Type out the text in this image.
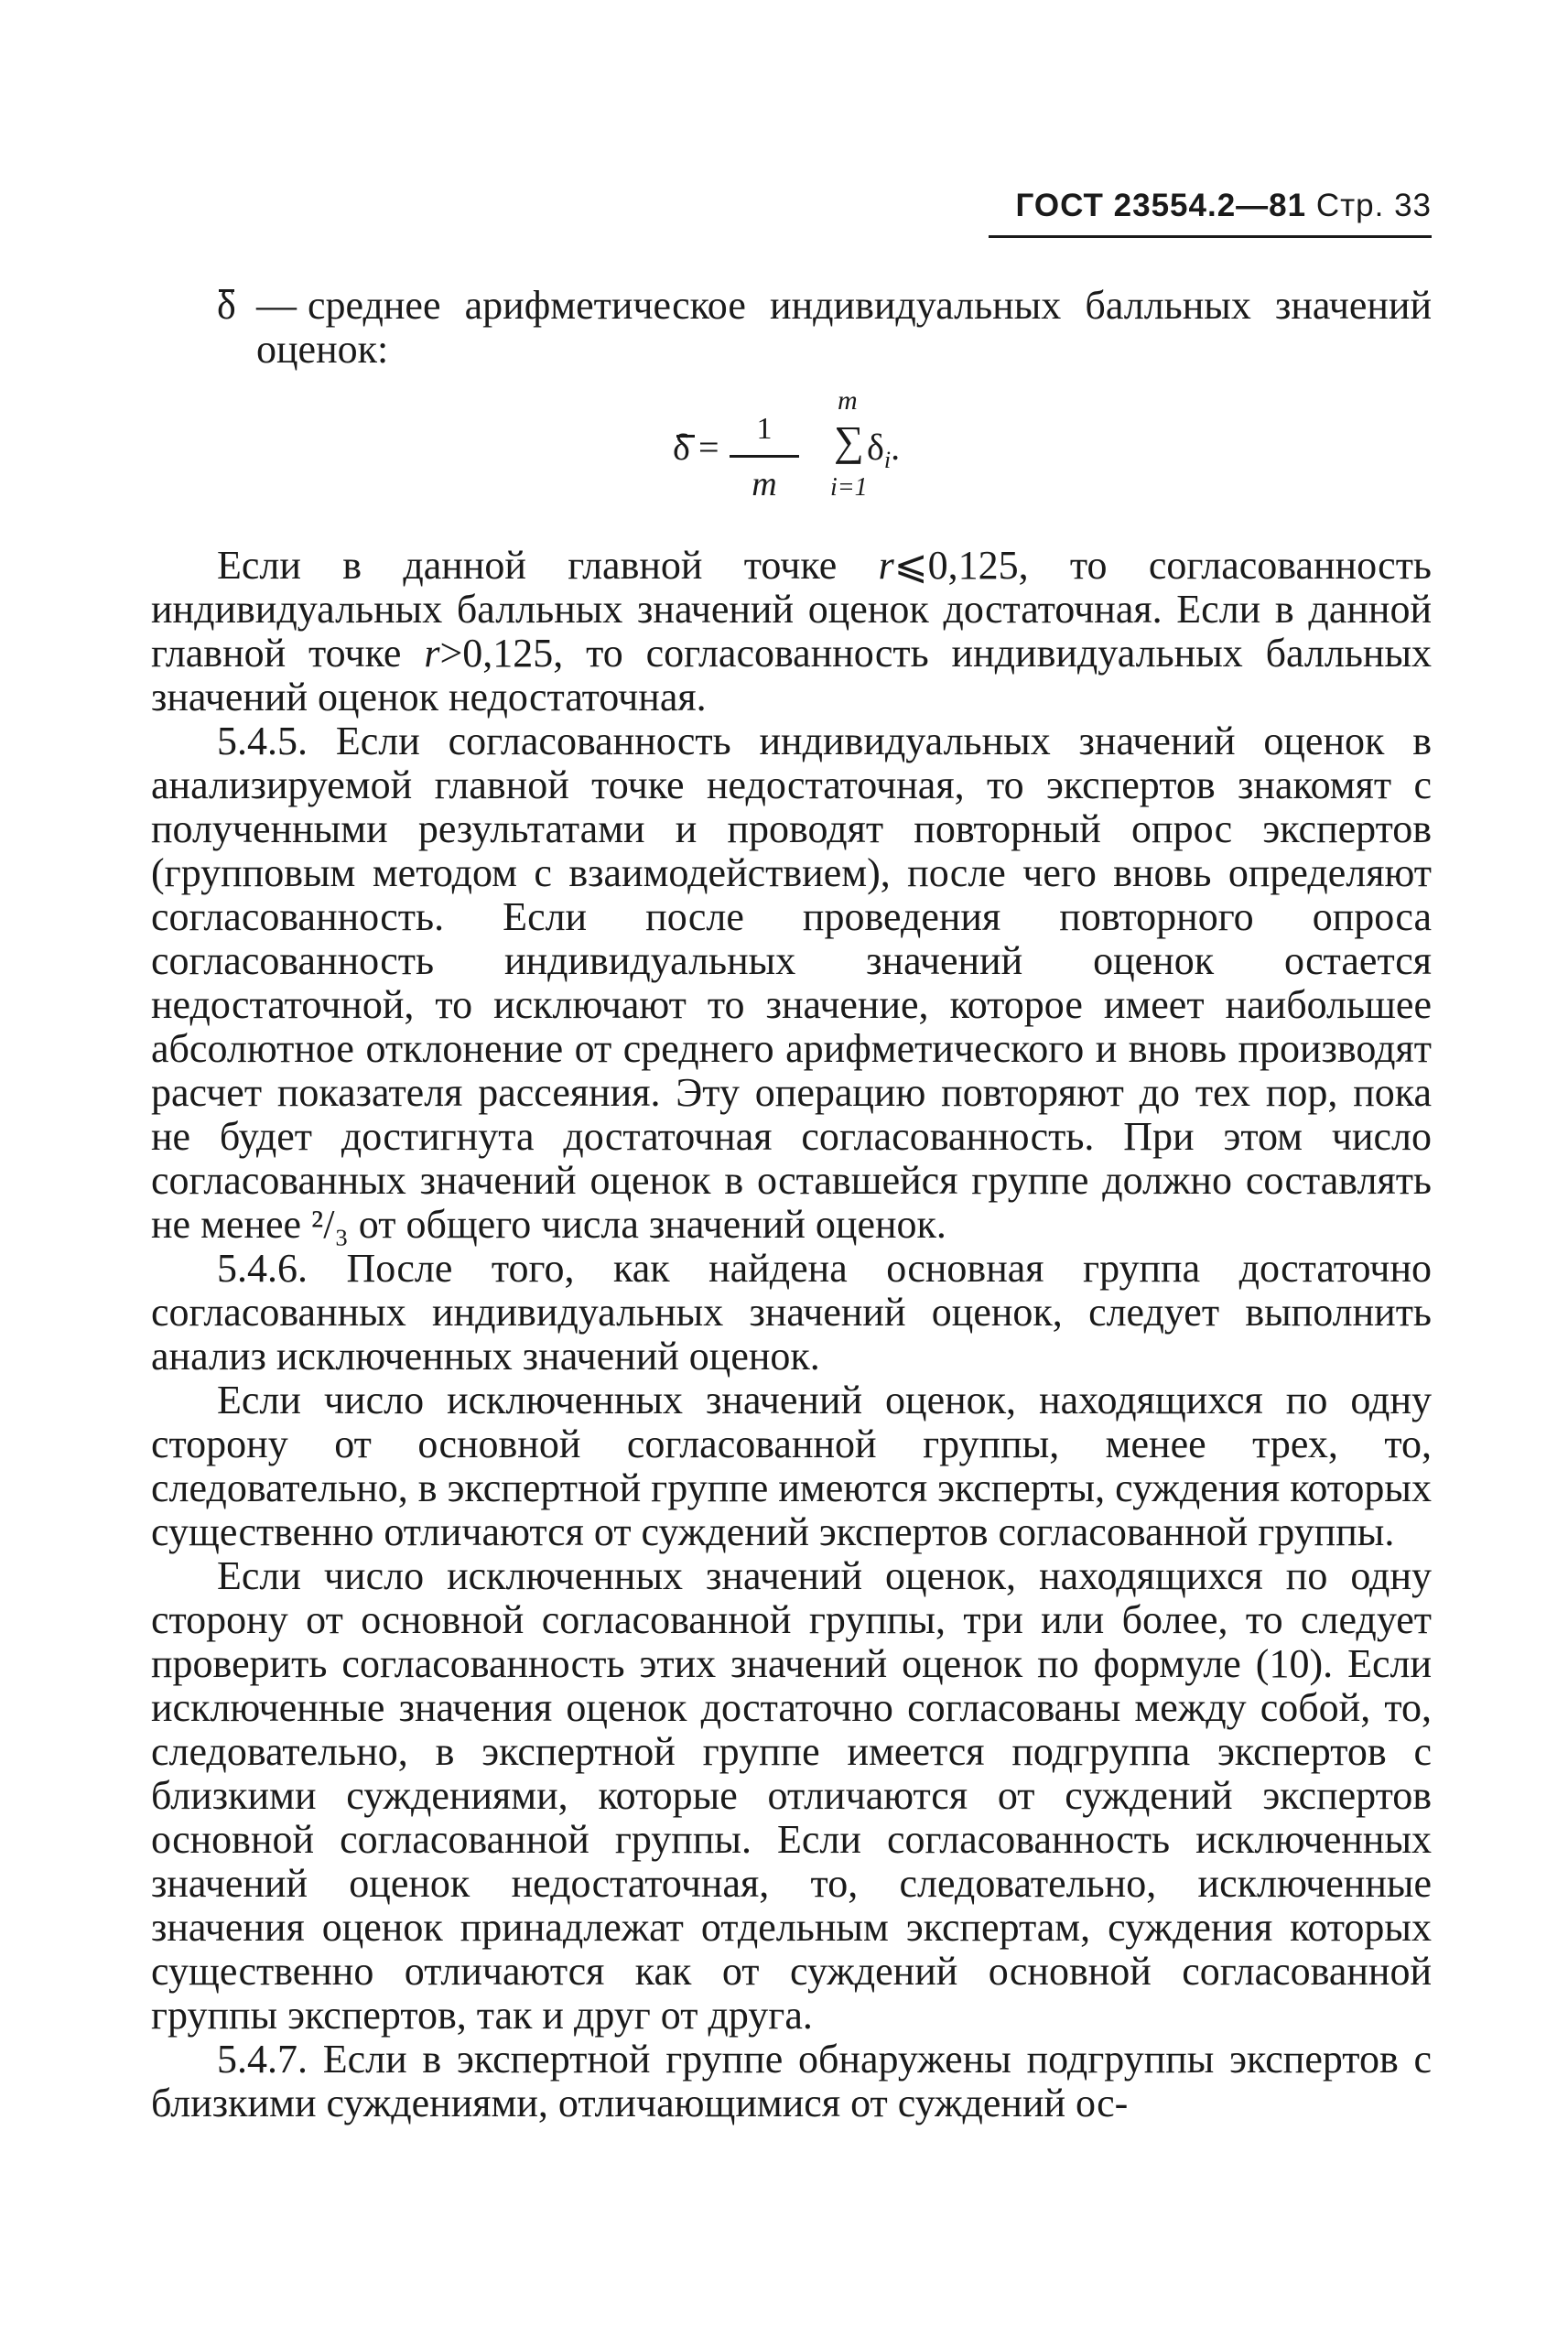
ГОСТ 23554.2—81 Стр. 33
δ — среднее арифметическое индивидуальных балльных значений оценок:
δ =	1
m
m
∑
i=1
$\delta_i$.

Если в данной главной точке r⩽0,125, то согласованность индивидуальных балльных значений оценок достаточная. Если в данной главной точке r>0,125, то согласованность индивидуальных балльных значений оценок недостаточная.

5.4.5. Если согласованность индивидуальных значений оценок в анализируемой главной точке недостаточная, то экспертов знакомят с полученными результатами и проводят повторный опрос экспертов (групповым методом с взаимодействием), после чего вновь определяют согласованность. Если после проведения повторного опроса согласованность индивидуальных значений оценок остается недостаточной, то исключают то значение, которое имеет наибольшее абсолютное отклонение от среднего арифметического и вновь производят расчет показателя рассеяния. Эту операцию повторяют до тех пор, пока не будет достигнута достаточная согласованность. При этом число согласованных значений оценок в оставшейся группе должно составлять не менее ²/₃ от общего числа значений оценок.

5.4.6. После того, как найдена основная группа достаточно согласованных индивидуальных значений оценок, следует выполнить анализ исключенных значений оценок.

Если число исключенных значений оценок, находящихся по одну сторону от основной согласованной группы, менее трех, то, следовательно, в экспертной группе имеются эксперты, суждения которых существенно отличаются от суждений экспертов согласованной группы.

Если число исключенных значений оценок, находящихся по одну сторону от основной согласованной группы, три или более, то следует проверить согласованность этих значений оценок по формуле (10). Если исключенные значения оценок достаточно согласованы между собой, то, следовательно, в экспертной группе имеется подгруппа экспертов с близкими суждениями, которые отличаются от суждений экспертов основной согласованной группы. Если согласованность исключенных значений оценок недостаточная, то, следовательно, исключенные значения оценок принадлежат отдельным экспертам, суждения которых существенно отличаются как от суждений основной согласованной группы экспертов, так и друг от друга.

5.4.7. Если в экспертной группе обнаружены подгруппы экспертов с близкими суждениями, отличающимися от суждений ос-
